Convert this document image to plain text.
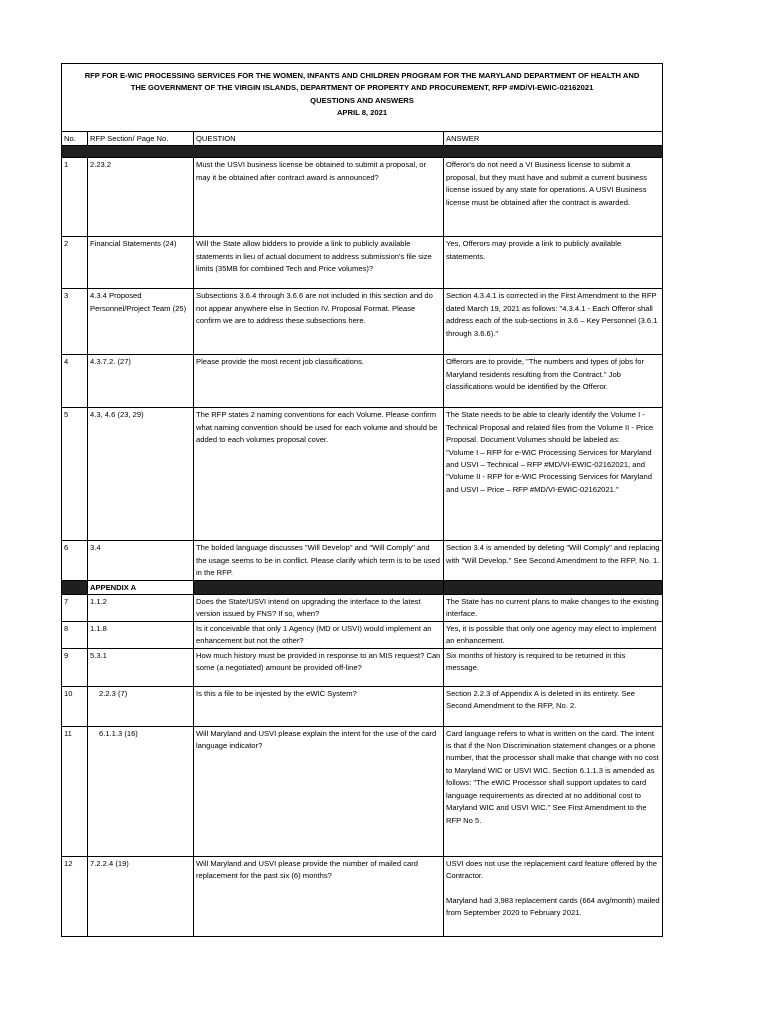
RFP FOR E-WIC PROCESSING SERVICES FOR THE WOMEN, INFANTS AND CHILDREN PROGRAM FOR THE MARYLAND DEPARTMENT OF HEALTH AND
THE GOVERNMENT OF THE VIRGIN ISLANDS, DEPARTMENT OF PROPERTY AND PROCUREMENT, RFP #MD/VI-EWIC-02162021
QUESTIONS AND ANSWERS
APRIL 8, 2021			

No.	RFP Section/ Page No.	QUESTION	ANSWER

1	2.23.2	Must the USVI business license be obtained to submit a proposal, or may it be obtained after contract award is announced?	Offeror's do not need a VI Business license to submit a proposal, but they must have and submit a current business license issued by any state for operations. A USVI Business license must be obtained after the contract is awarded.
2	Financial Statements (24)	Will the State allow bidders to provide a link to publicly available statements in lieu of actual document to address submission's file size limits (35MB for combined Tech and Price volumes)?	Yes, Offerors may provide a link to publicly available statements.
3	4.3.4 Proposed Personnel/Project Team (25)	Subsections 3.6.4 through 3.6.6 are not included in this section and do not appear anywhere else in Section IV. Proposal Format. Please confirm we are to address these subsections here.	Section 4.3.4.1 is corrected in the First Amendment to the RFP dated March 19, 2021 as follows: "4.3.4.1 - Each Offeror shall address each of the sub-sections in 3.6 – Key Personnel (3.6.1 through 3.6.6)."
4	4.3.7.2. (27)	Please provide the most recent job classifications.	Offerors are to provide, "The numbers and types of jobs for Maryland residents resulting from the Contract." Job classifications would be identified by the Offeror.
5	4.3, 4.6 (23, 29)	The RFP states 2 naming conventions for each Volume. Please confirm what naming convention should be used for each volume and should be added to each volumes proposal cover.	The State needs to be able to clearly identify the Volume I - Technical Proposal and related files from the Volume II - Price Proposal. Document Volumes should be labeled as:
"Volume I – RFP for e-WIC Processing Services for Maryland and USVI – Technical – RFP #MD/VI-EWIC-02162021, and
"Volume II - RFP for e-WIC Processing Services for Maryland and USVI – Price – RFP #MD/VI-EWIC-02162021."
6	3.4	The bolded language discusses "Will Develop" and "Will Comply" and the usage seems to be in conflict. Please clarify which term is to be used in the RFP.	Section 3.4 is amended by deleting "Will Comply" and replacing with "Will Develop." See Second Amendment to the RFP, No. 1.
	APPENDIX A		
7	1.1.2	Does the State/USVI intend on upgrading the interface to the latest version issued by FNS? If so, when?	The State has no current plans to make changes to the existing interface.
8	1.1.8	Is it conceivable that only 1 Agency (MD or USVI) would implement an enhancement but not the other?	Yes, it is possible that only one agency may elect to implement an enhancement.
9	5.3.1	How much history must be provided in response to an MIS request? Can some (a negotiated) amount be provided off-line?	Six months of history is required to be returned in this message.
10	2.2.3 (7)	Is this a file to be injested by the eWIC System?	Section 2.2.3 of Appendix A is deleted in its entirety. See Second Amendment to the RFP, No. 2.
11	6.1.1.3 (16)	Will Maryland and USVI please explain the intent for the use of the card language indicator?	Card language refers to what is written on the card. The intent is that if the Non Discrimination statement changes or a phone number, that the processor shall make that change with no cost to Maryland WIC or USVI WIC. Section 6.1.1.3 is amended as follows: "The eWIC Processor shall support updates to card language requirements as directed at no additional cost to Maryland WIC and USVI WIC." See First Amendment to the RFP No 5.
12	7.2.2.4 (19)	Will Maryland and USVI please provide the number of mailed card replacement for the past six (6) months?	USVI does not use the replacement card feature offered by the Contractor.

Maryland had 3,983 replacement cards (664 avg/month) mailed from September 2020 to February 2021.
